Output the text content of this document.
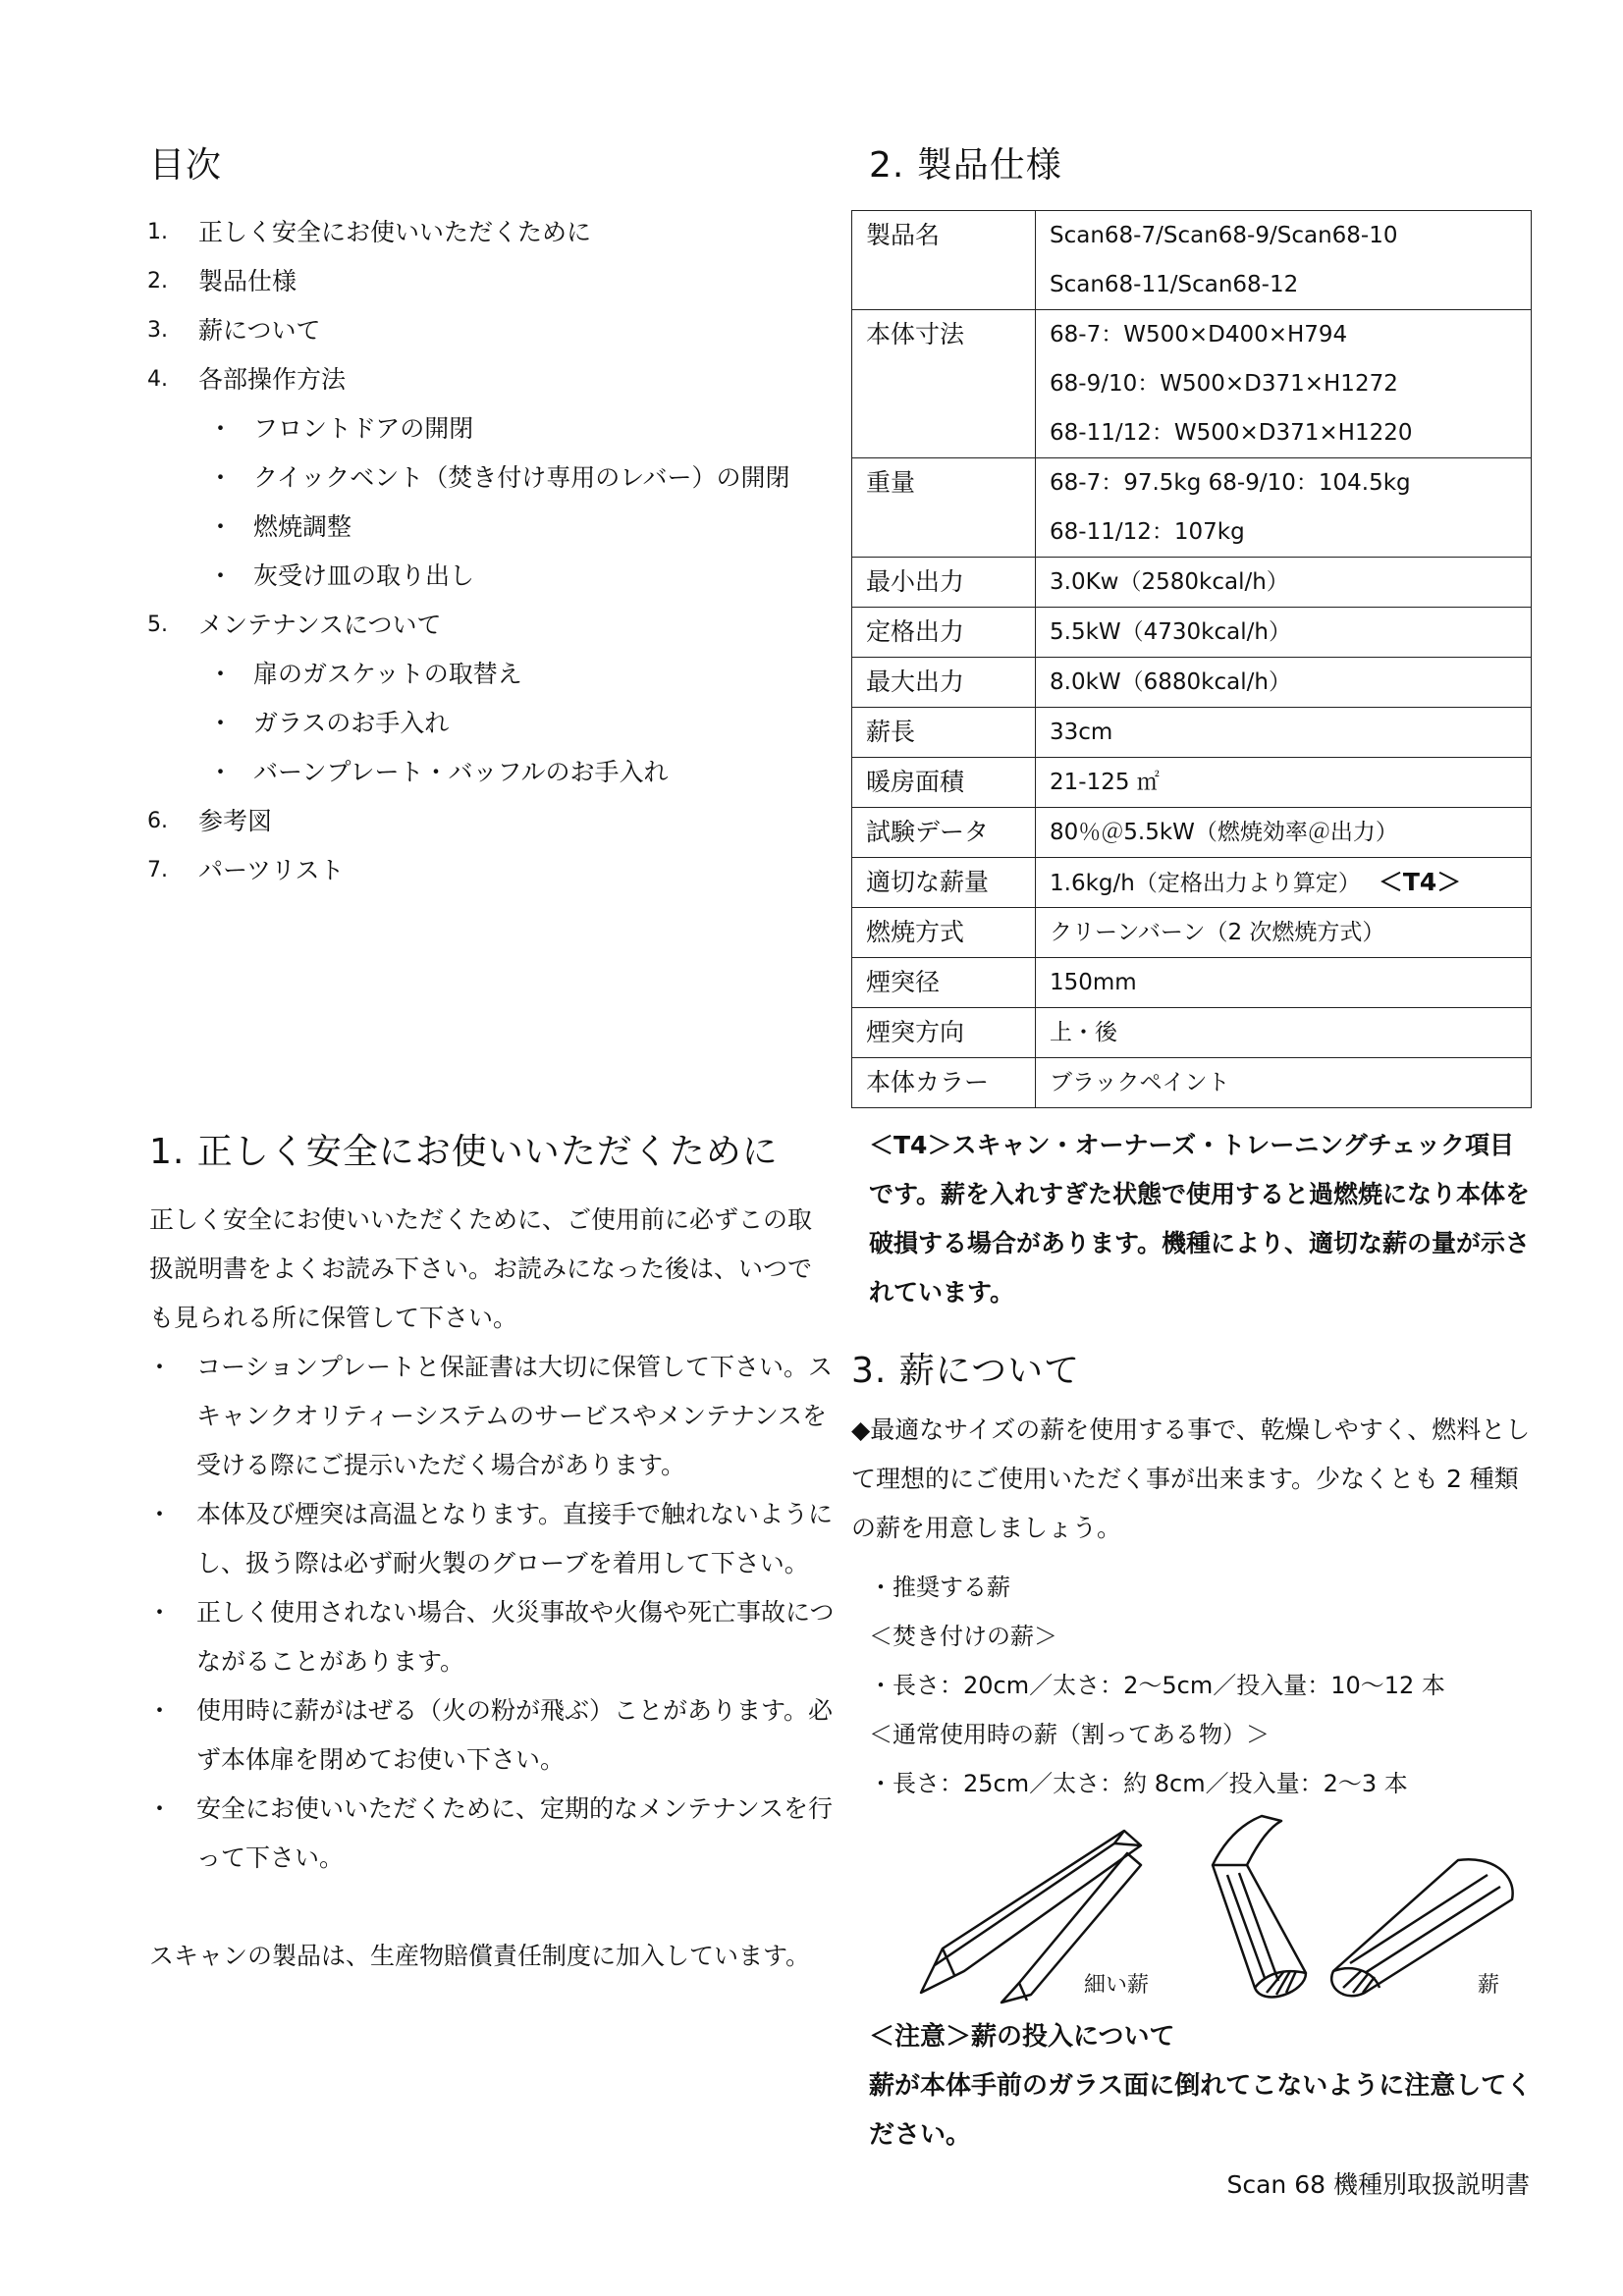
目次
1. 正しく安全にお使いいただくために
2. 製品仕様
3. 薪について
4. 各部操作方法
・ フロントドアの開閉
・ クイックベント（焚き付け専用のレバー）の開閉
・ 燃焼調整
・ 灰受け皿の取り出し
5. メンテナンスについて
・ 扉のガスケットの取替え
・ ガラスのお手入れ
・ バーンプレート・バッフルのお手入れ
6. 参考図
7. パーツリスト
2. 製品仕様
製品名	Scan68-7/Scan68-9/Scan68-10
Scan68-11/Scan68-12

本体寸法	68-7：W500×D400×H794
68-9/10：W500×D371×H1272
68-11/12：W500×D371×H1220

重量	68-7：97.5kg 68-9/10：104.5kg
68-11/12：107kg

最小出力	3.0Kw（2580kcal/h）

定格出力	5.5kW（4730kcal/h）

最大出力	8.0kW（6880kcal/h）

薪長	33cm

暖房面積	21-125 ㎡

試験データ	80％＠5.5kW（燃焼効率＠出力）

適切な薪量	1.6kg/h（定格出力より算定） ＜T4＞

燃焼方式	クリーンバーン（2 次燃焼方式）

煙突径	150mm

煙突方向	上・後

本体カラー	ブラックペイント
＜T4＞スキャン・オーナーズ・トレーニングチェック項目です。薪を入れすぎた状態で使用すると過燃焼になり本体を破損する場合があります。機種により、適切な薪の量が示されています。
1. 正しく安全にお使いいただくために

正しく安全にお使いいただくために、ご使用前に必ずこの取扱説明書をよくお読み下さい。お読みになった後は、いつでも見られる所に保管して下さい。

・ コーションプレートと保証書は大切に保管して下さい。スキャンクオリティーシステムのサービスやメンテナンスを受ける際にご提示いただく場合があります。
・ 本体及び煙突は高温となります。直接手で触れないようにし、扱う際は必ず耐火製のグローブを着用して下さい。
・ 正しく使用されない場合、火災事故や火傷や死亡事故につながることがあります。
・ 使用時に薪がはぜる（火の粉が飛ぶ）ことがあります。必ず本体扉を閉めてお使い下さい。
・ 安全にお使いいただくために、定期的なメンテナンスを行って下さい。

スキャンの製品は、生産物賠償責任制度に加入しています。

3. 薪について

◆最適なサイズの薪を使用する事で、乾燥しやすく、燃料として理想的にご使用いただく事が出来ます。少なくとも 2 種類の薪を用意しましょう。

・推奨する薪
＜焚き付けの薪＞
・長さ：20cm／太さ：2～5cm／投入量：10～12 本
＜通常使用時の薪（割ってある物）＞
・長さ：25cm／太さ：約 8cm／投入量：2～3 本
細い薪	薪
＜注意＞薪の投入について
薪が本体手前のガラス面に倒れてこないように注意してください。
Scan 68 機種別取扱説明書
